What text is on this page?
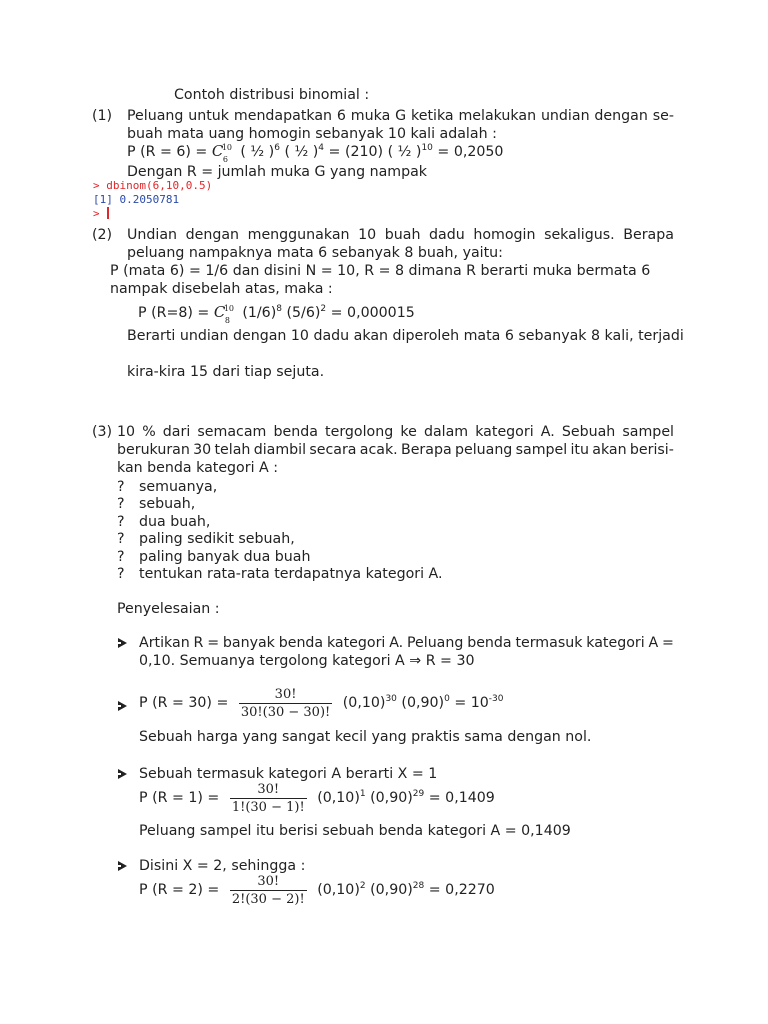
Contoh distribusi binomial :
(1) Peluang untuk mendapatkan 6 muka G ketika melakukan undian dengan se-
buah mata uang homogin sebanyak 10 kali adalah :
P (R = 6) = C
10
6 ( ½ )$^6$ ( ½ )$^4$ = (210) ( ½ )$^{10}$ = 0,2050
Dengan R = jumlah muka G yang nampak
> dbinom(6,10,0.5)
[1] 0.2050781
>
(2) Undian dengan menggunakan 10 buah dadu homogin sekaligus. Berapa
peluang nampaknya mata 6 sebanyak 8 buah, yaitu:
P (mata 6) = 1/6 dan disini N = 10, R = 8 dimana R berarti muka bermata 6
nampak disebelah atas, maka :
P (R=8) = C
10
8 $(1/6)^8$ $(5/6)^2 = 0,000015$
Berarti undian dengan 10 dadu akan diperoleh mata 6 sebanyak 8 kali, terjadi
kira-kira 15 dari tiap sejuta.
(3) 10 % dari semacam benda tergolong ke dalam kategori A. Sebuah sampel
berukuran 30 telah diambil secara acak. Berapa peluang sampel itu akan berisi-
kan benda kategori A :
? semuanya,
? sebuah,
? dua buah,
? paling sedikit sebuah,
? paling banyak dua buah
? tentukan rata-rata terdapatnya kategori A.
Penyelesaian :
Artikan R = banyak benda kategori A. Peluang benda termasuk kategori A =
0,10. Semuanya tergolong kategori A ⇒ R = 30
P $(R = 30) = \frac{30!}{30!(30 - 30)!} (0,10)^{30}$ $(0,90)^0 = 10^{-30}$
Sebuah harga yang sangat kecil yang praktis sama dengan nol.
Sebuah termasuk kategori A berarti X = 1
P $(R = 1) = \frac{30!}{1!(30 - 1)!} (0,10)^1$ $(0,90)^{29} = 0,1409$
Peluang sampel itu berisi sebuah benda kategori A = 0,1409
Disini X = 2, sehingga :
P $(R = 2) = \frac{30!}{2!(30 - 2)!} (0,10)^2$ $(0,90)^{28} = 0,2270$
